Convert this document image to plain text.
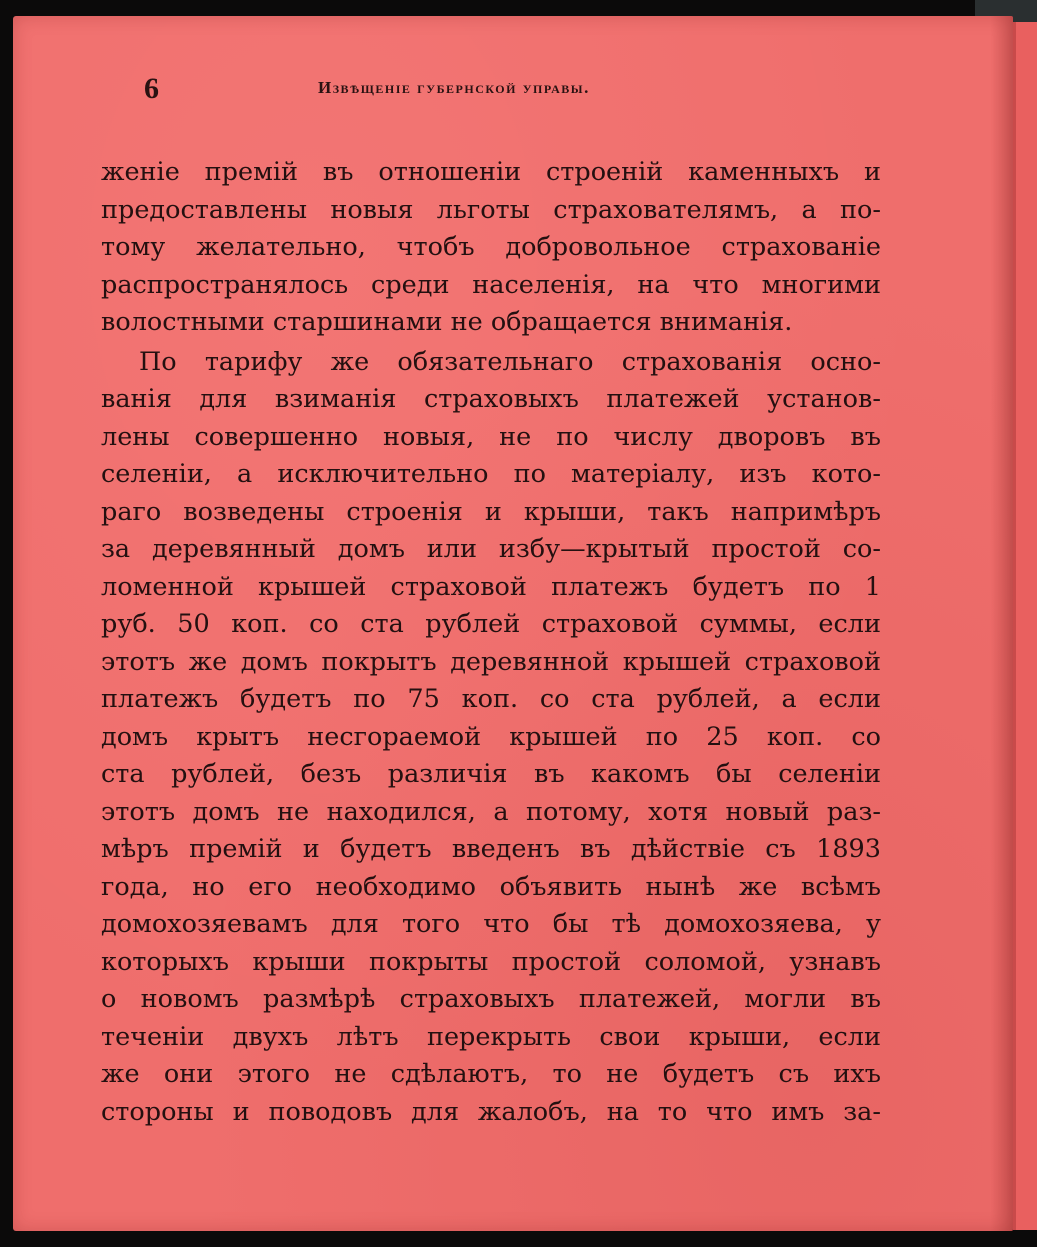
6	Извѣщеніе губернской управы.
женіе премій въ отношеніи строеній каменныхъ и
предоставлены новыя льготы страхователямъ, а по-
тому желательно, чтобъ добровольное страхованіе
распространялось среди населенія, на что многими
волостными старшинами не обращается вниманія.
По тарифу же обязательнаго страхованія осно-
ванія для взиманія страховыхъ платежей установ-
лены совершенно новыя, не по числу дворовъ въ
селеніи, а исключительно по матеріалу, изъ кото-
раго возведены строенія и крыши, такъ напримѣръ
за деревянный домъ или избу—крытый простой со-
ломенной крышей страховой платежъ будетъ по 1
руб. 50 коп. со ста рублей страховой суммы, если
этотъ же домъ покрытъ деревянной крышей страховой
платежъ будетъ по 75 коп. со ста рублей, а если
домъ крытъ несгораемой крышей по 25 коп. со
ста рублей, безъ различія въ какомъ бы селеніи
этотъ домъ не находился, а потому, хотя новый раз-
мѣръ премій и будетъ введенъ въ дѣйствіе съ 1893
года, но его необходимо объявить нынѣ же всѣмъ
домохозяевамъ для того что бы тѣ домохозяева, у
которыхъ крыши покрыты простой соломой, узнавъ
о новомъ размѣрѣ страховыхъ платежей, могли въ
теченіи двухъ лѣтъ перекрыть свои крыши, если
же они этого не сдѣлаютъ, то не будетъ съ ихъ
стороны и поводовъ для жалобъ, на то что имъ за-
